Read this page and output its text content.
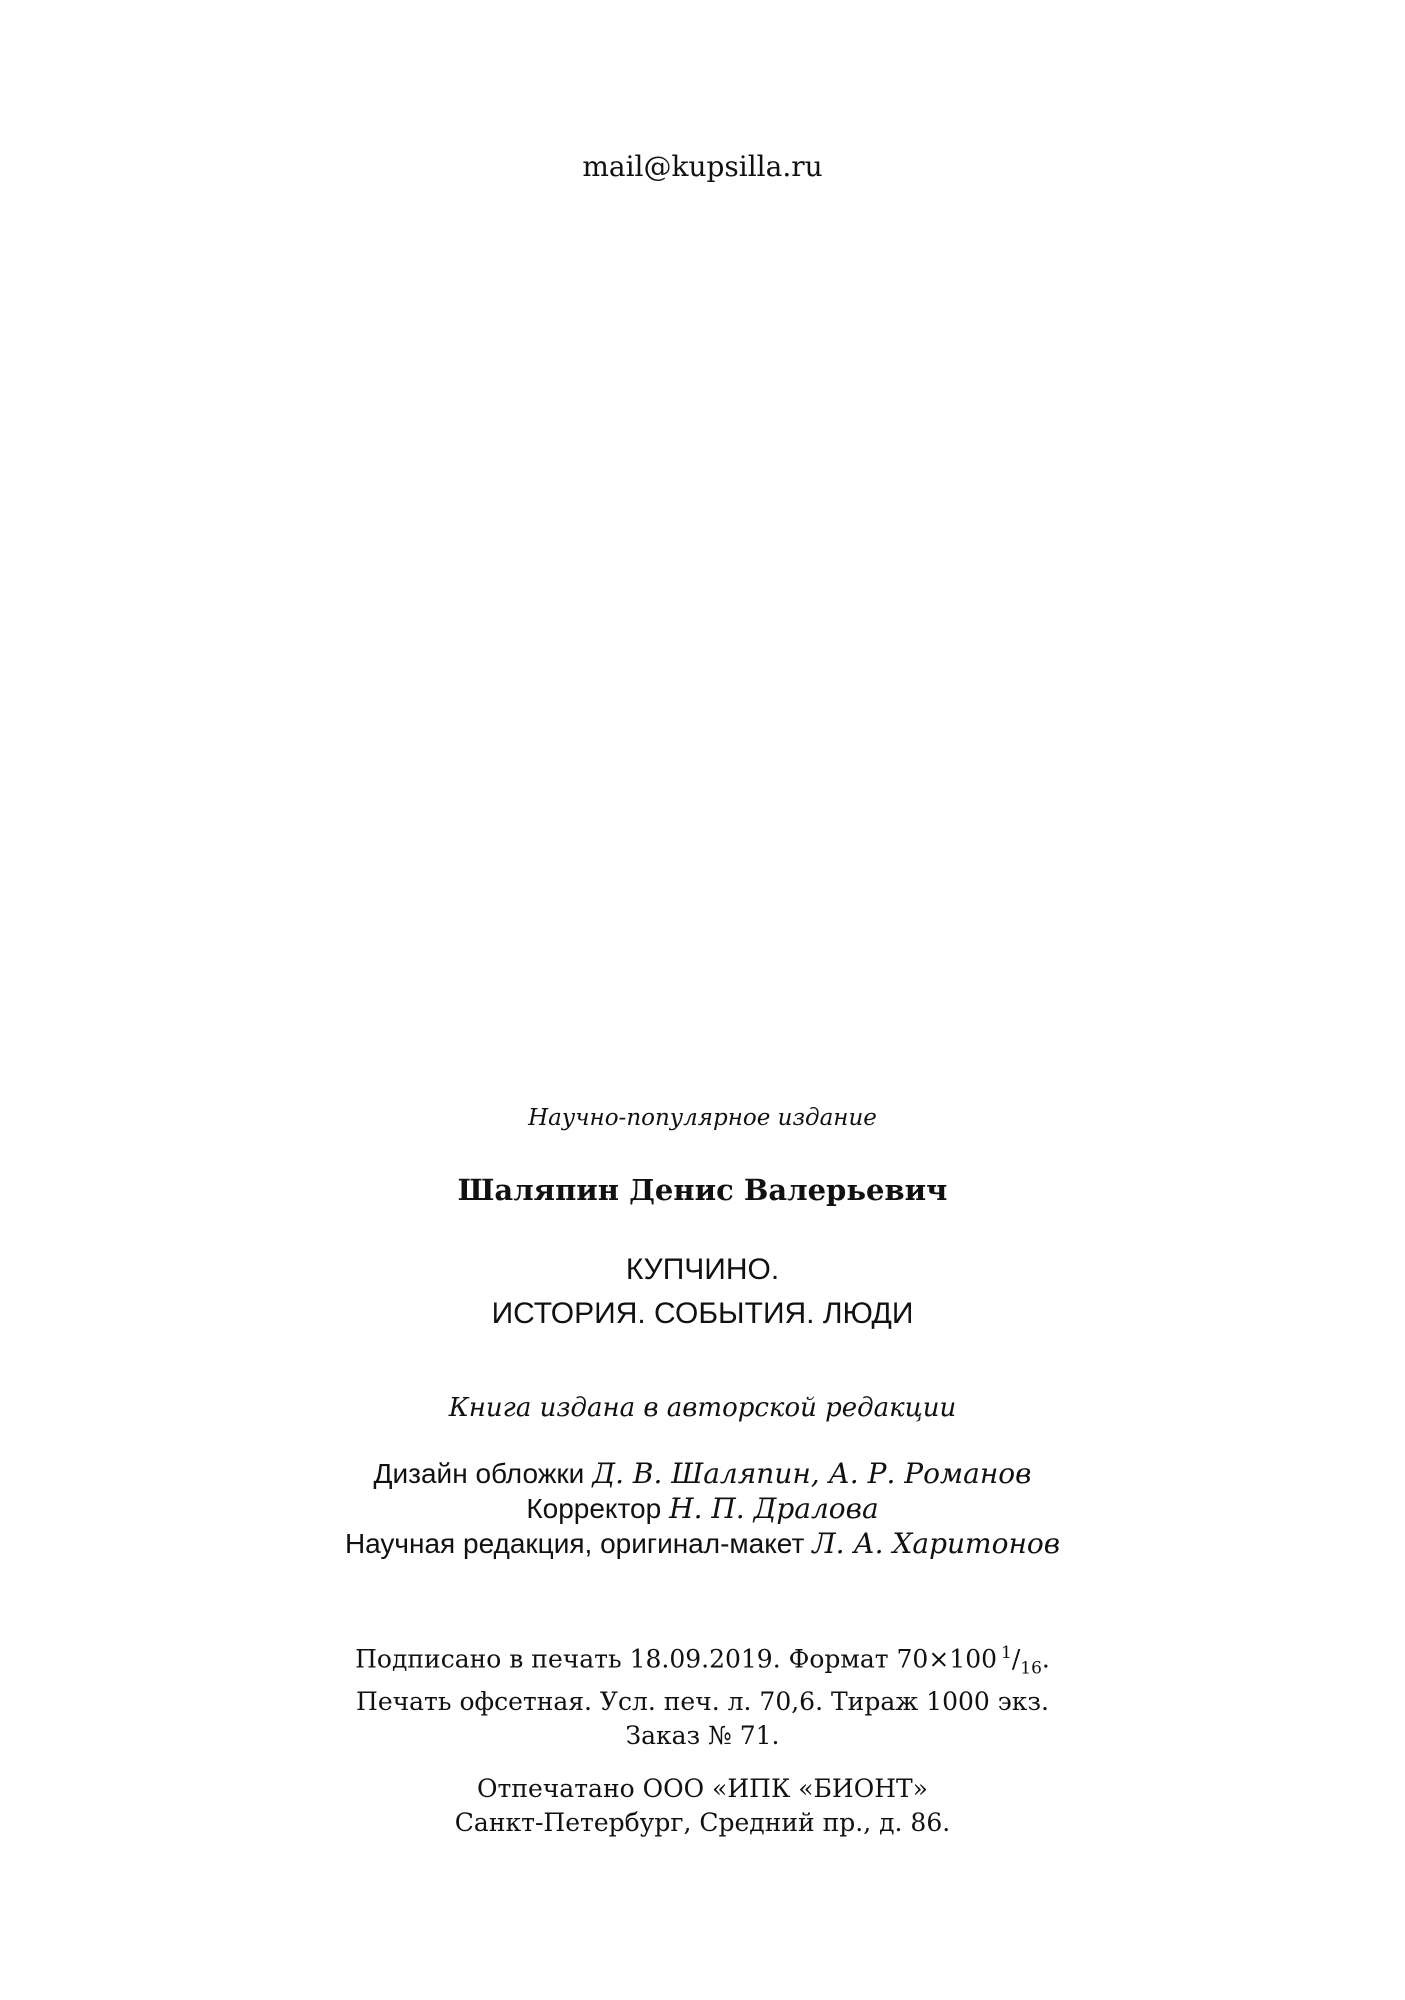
mail@kupsilla.ru
Научно-популярное издание
Шаляпин Денис Валерьевич
КУПЧИНО.
ИСТОРИЯ. СОБЫТИЯ. ЛЮДИ
Книга издана в авторской редакции
Дизайн обложки Д. В. Шаляпин, А. Р. Романов
Корректор Н. П. Дралова
Научная редакция, оригинал-макет Л. А. Харитонов
Подписано в печать 18.09.2019. Формат 70×100 $^1/_{16}$.
Печать офсетная. Усл. печ. л. 70,6. Тираж 1000 экз.
Заказ № 71.
Отпечатано ООО «ИПК «БИОНТ»
Санкт-Петербург, Средний пр., д. 86.
